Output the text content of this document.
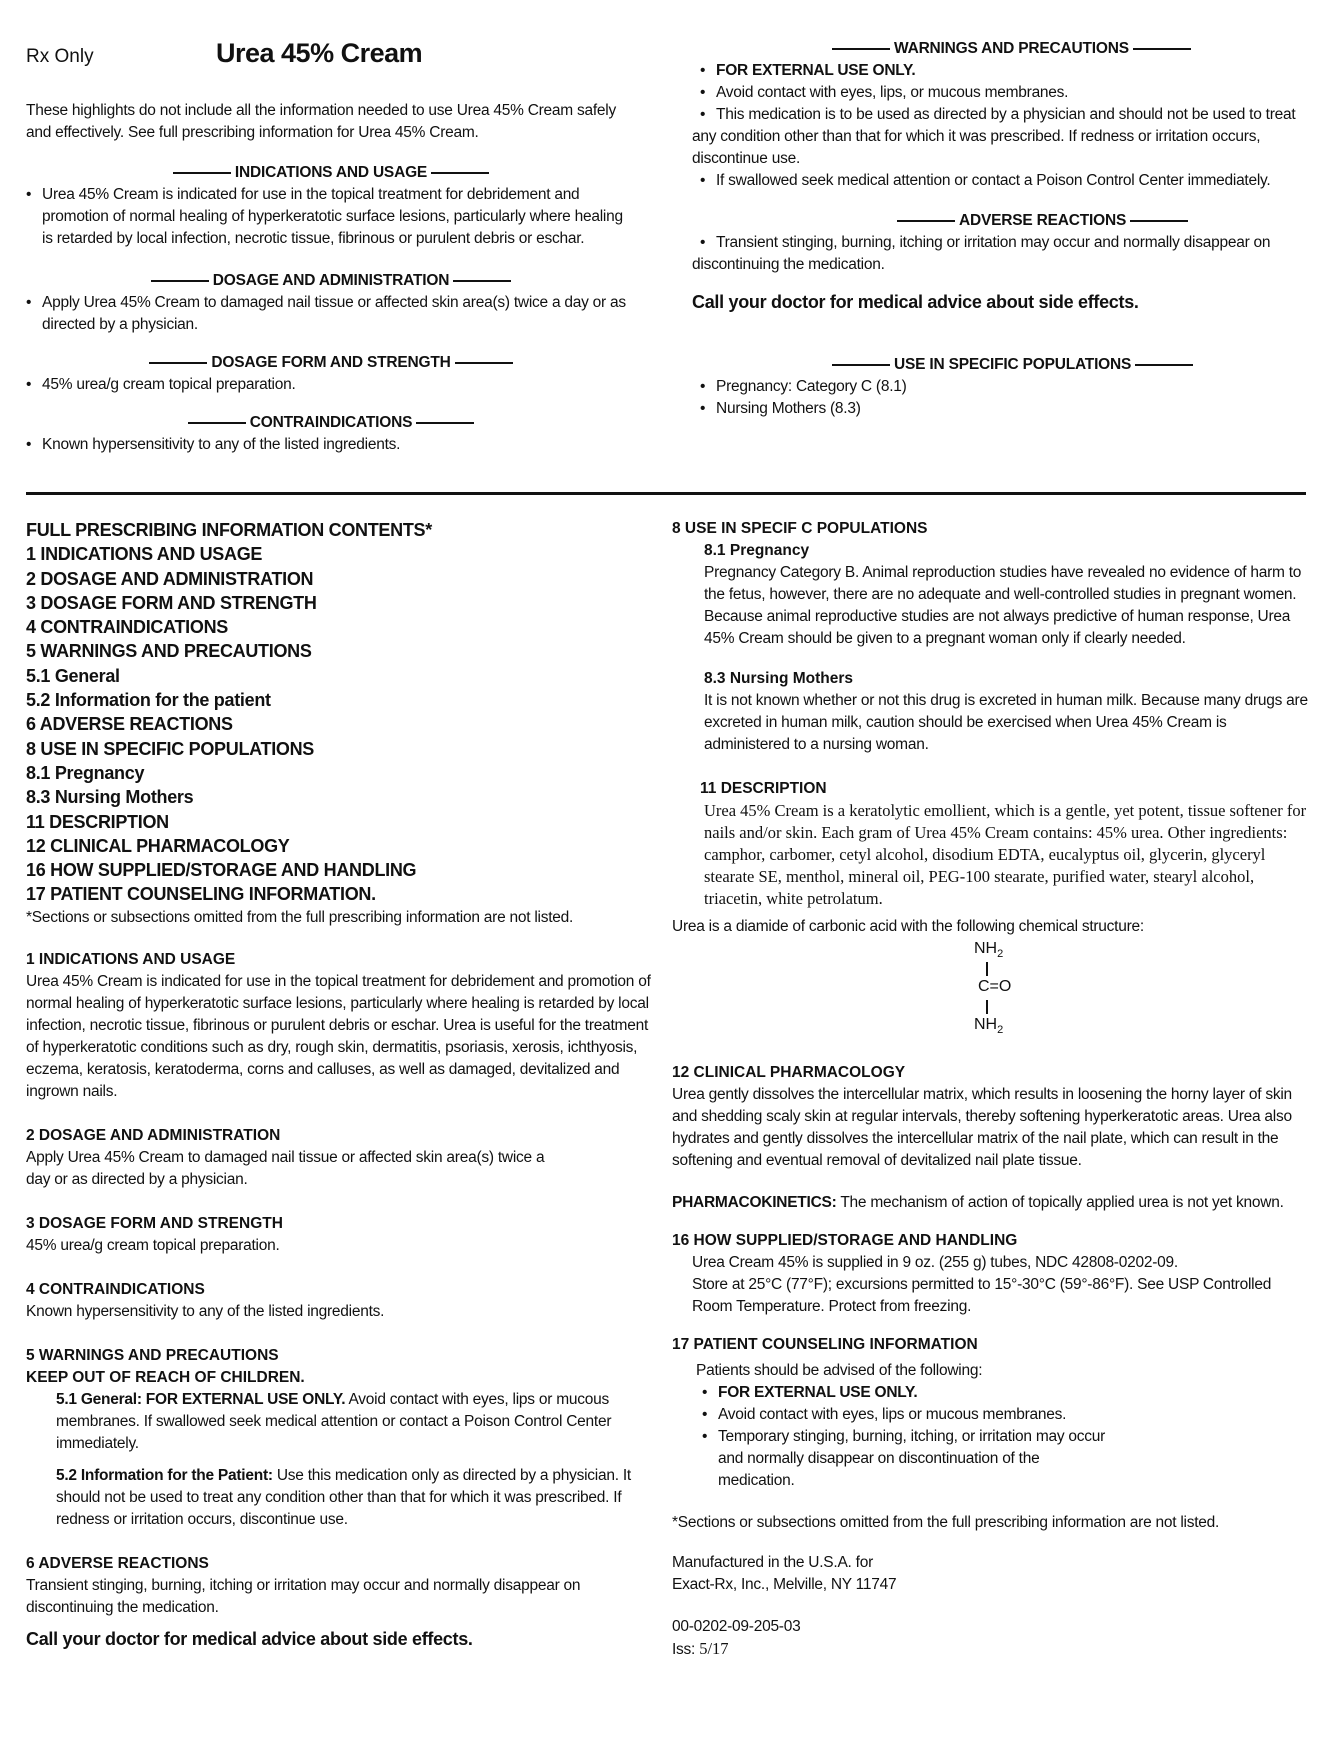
Rx Only	Urea 45% Cream

These highlights do not include all the information needed to use Urea 45% Cream safely and effectively. See full prescribing information for Urea 45% Cream.

INDICATIONS AND USAGE

• Urea 45% Cream is indicated for use in the topical treatment for debridement and promotion of normal healing of hyperkeratotic surface lesions, particularly where healing is retarded by local infection, necrotic tissue, fibrinous or purulent debris or eschar.

DOSAGE AND ADMINISTRATION

• Apply Urea 45% Cream to damaged nail tissue or affected skin area(s) twice a day or as directed by a physician.

DOSAGE FORM AND STRENGTH

• 45% urea/g cream topical preparation.

CONTRAINDICATIONS

• Known hypersensitivity to any of the listed ingredients.

WARNINGS AND PRECAUTIONS

• FOR EXTERNAL USE ONLY.
• Avoid contact with eyes, lips, or mucous membranes.

• This medication is to be used as directed by a physician and should not be used to treat any condition other than that for which it was prescribed. If redness or irritation occurs, discontinue use.

• If swallowed seek medical attention or contact a Poison Control Center immediately.

ADVERSE REACTIONS

• Transient stinging, burning, itching or irritation may occur and normally disappear on discontinuing the medication.

Call your doctor for medical advice about side effects.

USE IN SPECIFIC POPULATIONS

• Pregnancy: Category C (8.1)
• Nursing Mothers (8.3)

FULL PRESCRIBING INFORMATION CONTENTS*

1 INDICATIONS AND USAGE

2 DOSAGE AND ADMINISTRATION

3 DOSAGE FORM AND STRENGTH

4 CONTRAINDICATIONS

5 WARNINGS AND PRECAUTIONS

5.1 General

5.2 Information for the patient

6 ADVERSE REACTIONS

8 USE IN SPECIFIC POPULATIONS

8.1 Pregnancy

8.3 Nursing Mothers

11 DESCRIPTION

12 CLINICAL PHARMACOLOGY

16 HOW SUPPLIED/STORAGE AND HANDLING

17 PATIENT COUNSELING INFORMATION.

*Sections or subsections omitted from the full prescribing information are not listed.

1 INDICATIONS AND USAGE

Urea 45% Cream is indicated for use in the topical treatment for debridement and promotion of normal healing of hyperkeratotic surface lesions, particularly where healing is retarded by local infection, necrotic tissue, fibrinous or purulent debris or eschar. Urea is useful for the treatment of hyperkeratotic conditions such as dry, rough skin, dermatitis, psoriasis, xerosis, ichthyosis, eczema, keratosis, keratoderma, corns and calluses, as well as damaged, devitalized and ingrown nails.

2 DOSAGE AND ADMINISTRATION

Apply Urea 45% Cream to damaged nail tissue or affected skin area(s) twice a day or as directed by a physician.

3 DOSAGE FORM AND STRENGTH

45% urea/g cream topical preparation.

4 CONTRAINDICATIONS

Known hypersensitivity to any of the listed ingredients.

5 WARNINGS AND PRECAUTIONS

KEEP OUT OF REACH OF CHILDREN.

5.1 General: FOR EXTERNAL USE ONLY. Avoid contact with eyes, lips or mucous membranes. If swallowed seek medical attention or contact a Poison Control Center immediately.

5.2 Information for the Patient: Use this medication only as directed by a physician. It should not be used to treat any condition other than that for which it was prescribed. If redness or irritation occurs, discontinue use.

6 ADVERSE REACTIONS

Transient stinging, burning, itching or irritation may occur and normally disappear on discontinuing the medication.

Call your doctor for medical advice about side effects.

8 USE IN SPECIF C POPULATIONS

8.1 Pregnancy

Pregnancy Category B. Animal reproduction studies have revealed no evidence of harm to the fetus, however, there are no adequate and well-controlled studies in pregnant women. Because animal reproductive studies are not always predictive of human response, Urea 45% Cream should be given to a pregnant woman only if clearly needed.

8.3 Nursing Mothers

It is not known whether or not this drug is excreted in human milk. Because many drugs are excreted in human milk, caution should be exercised when Urea 45% Cream is administered to a nursing woman.

11 DESCRIPTION

Urea 45% Cream is a keratolytic emollient, which is a gentle, yet potent, tissue softener for nails and/or skin. Each gram of Urea 45% Cream contains: 45% urea. Other ingredients: camphor, carbomer, cetyl alcohol, disodium EDTA, eucalyptus oil, glycerin, glyceryl stearate SE, menthol, mineral oil, PEG-100 stearate, purified water, stearyl alcohol, triacetin, white petrolatum.

Urea is a diamide of carbonic acid with the following chemical structure:

$NH_2$
C=O
$NH_2$

12 CLINICAL PHARMACOLOGY

Urea gently dissolves the intercellular matrix, which results in loosening the horny layer of skin and shedding scaly skin at regular intervals, thereby softening hyperkeratotic areas. Urea also hydrates and gently dissolves the intercellular matrix of the nail plate, which can result in the softening and eventual removal of devitalized nail plate tissue.

PHARMACOKINETICS: The mechanism of action of topically applied urea is not yet known.

16 HOW SUPPLIED/STORAGE AND HANDLING

Urea Cream 45% is supplied in 9 oz. (255 g) tubes, NDC 42808-0202-09.

Store at 25°C (77°F); excursions permitted to 15°-30°C (59°-86°F). See USP Controlled Room Temperature. Protect from freezing.

17 PATIENT COUNSELING INFORMATION

Patients should be advised of the following:

• FOR EXTERNAL USE ONLY.
• Avoid contact with eyes, lips or mucous membranes.
• Temporary stinging, burning, itching, or irritation may occur and normally disappear on discontinuation of the medication.

*Sections or subsections omitted from the full prescribing information are not listed.

Manufactured in the U.S.A. for

Exact-Rx, Inc., Melville, NY 11747

00-0202-09-205-03

Iss: 5/17
